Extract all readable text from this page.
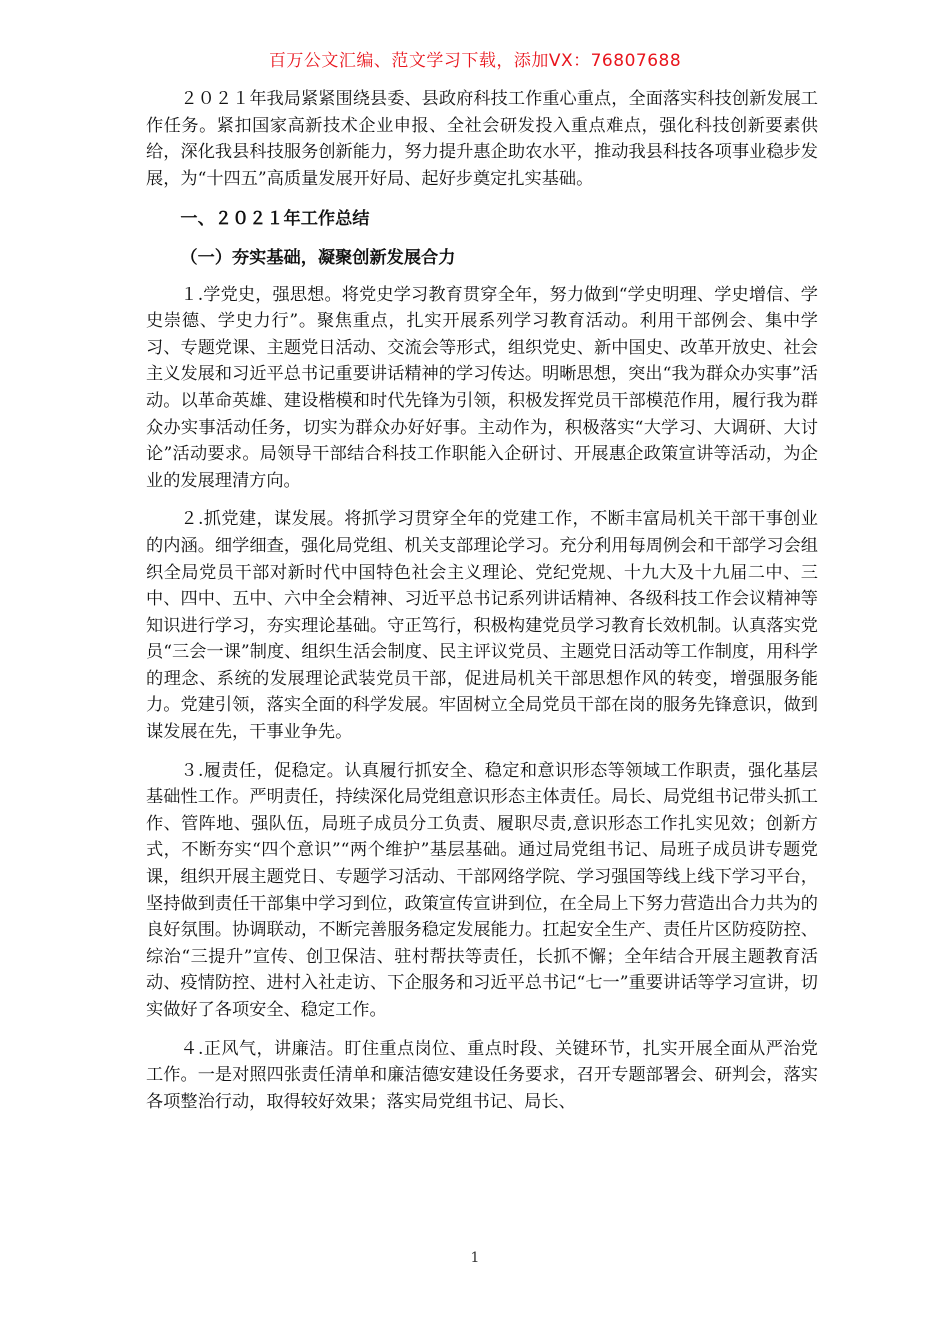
百万公文汇编、范文学习下载，添加VX：76807688

２０２１年我局紧紧围绕县委、县政府科技工作重心重点，全面落实科技创新发展工作任务。紧扣国家高新技术企业申报、全社会研发投入重点难点，强化科技创新要素供给，深化我县科技服务创新能力，努力提升惠企助农水平，推动我县科技各项事业稳步发展，为“十四五”高质量发展开好局、起好步奠定扎实基础。

一、２０２１年工作总结

（一）夯实基础，凝聚创新发展合力

１.学党史，强思想。将党史学习教育贯穿全年，努力做到“学史明理、学史增信、学史崇德、学史力行”。聚焦重点，扎实开展系列学习教育活动。利用干部例会、集中学习、专题党课、主题党日活动、交流会等形式，组织党史、新中国史、改革开放史、社会主义发展和习近平总书记重要讲话精神的学习传达。明晰思想，突出“我为群众办实事”活动。以革命英雄、建设楷模和时代先锋为引领，积极发挥党员干部模范作用，履行我为群众办实事活动任务，切实为群众办好好事。主动作为，积极落实“大学习、大调研、大讨论”活动要求。局领导干部结合科技工作职能入企研讨、开展惠企政策宣讲等活动，为企业的发展理清方向。

２.抓党建，谋发展。将抓学习贯穿全年的党建工作，不断丰富局机关干部干事创业的内涵。细学细查，强化局党组、机关支部理论学习。充分利用每周例会和干部学习会组织全局党员干部对新时代中国特色社会主义理论、党纪党规、十九大及十九届二中、三中、四中、五中、六中全会精神、习近平总书记系列讲话精神、各级科技工作会议精神等知识进行学习，夯实理论基础。守正笃行，积极构建党员学习教育长效机制。认真落实党员“三会一课”制度、组织生活会制度、民主评议党员、主题党日活动等工作制度，用科学的理念、系统的发展理论武装党员干部，促进局机关干部思想作风的转变，增强服务能力。党建引领，落实全面的科学发展。牢固树立全局党员干部在岗的服务先锋意识，做到谋发展在先，干事业争先。

３.履责任，促稳定。认真履行抓安全、稳定和意识形态等领域工作职责，强化基层基础性工作。严明责任，持续深化局党组意识形态主体责任。局长、局党组书记带头抓工作、管阵地、强队伍，局班子成员分工负责、履职尽责,意识形态工作扎实见效；创新方式，不断夯实“四个意识”“两个维护”基层基础。通过局党组书记、局班子成员讲专题党课，组织开展主题党日、专题学习活动、干部网络学院、学习强国等线上线下学习平台，坚持做到责任干部集中学习到位，政策宣传宣讲到位，在全局上下努力营造出合力共为的良好氛围。协调联动，不断完善服务稳定发展能力。扛起安全生产、责任片区防疫防控、综治“三提升”宣传、创卫保洁、驻村帮扶等责任，长抓不懈；全年结合开展主题教育活动、疫情防控、进村入社走访、下企服务和习近平总书记“七一”重要讲话等学习宣讲，切实做好了各项安全、稳定工作。

４.正风气，讲廉洁。盯住重点岗位、重点时段、关键环节，扎实开展全面从严治党工作。一是对照四张责任清单和廉洁德安建设任务要求，召开专题部署会、研判会，落实各项整治行动，取得较好效果；落实局党组书记、局长、

1
